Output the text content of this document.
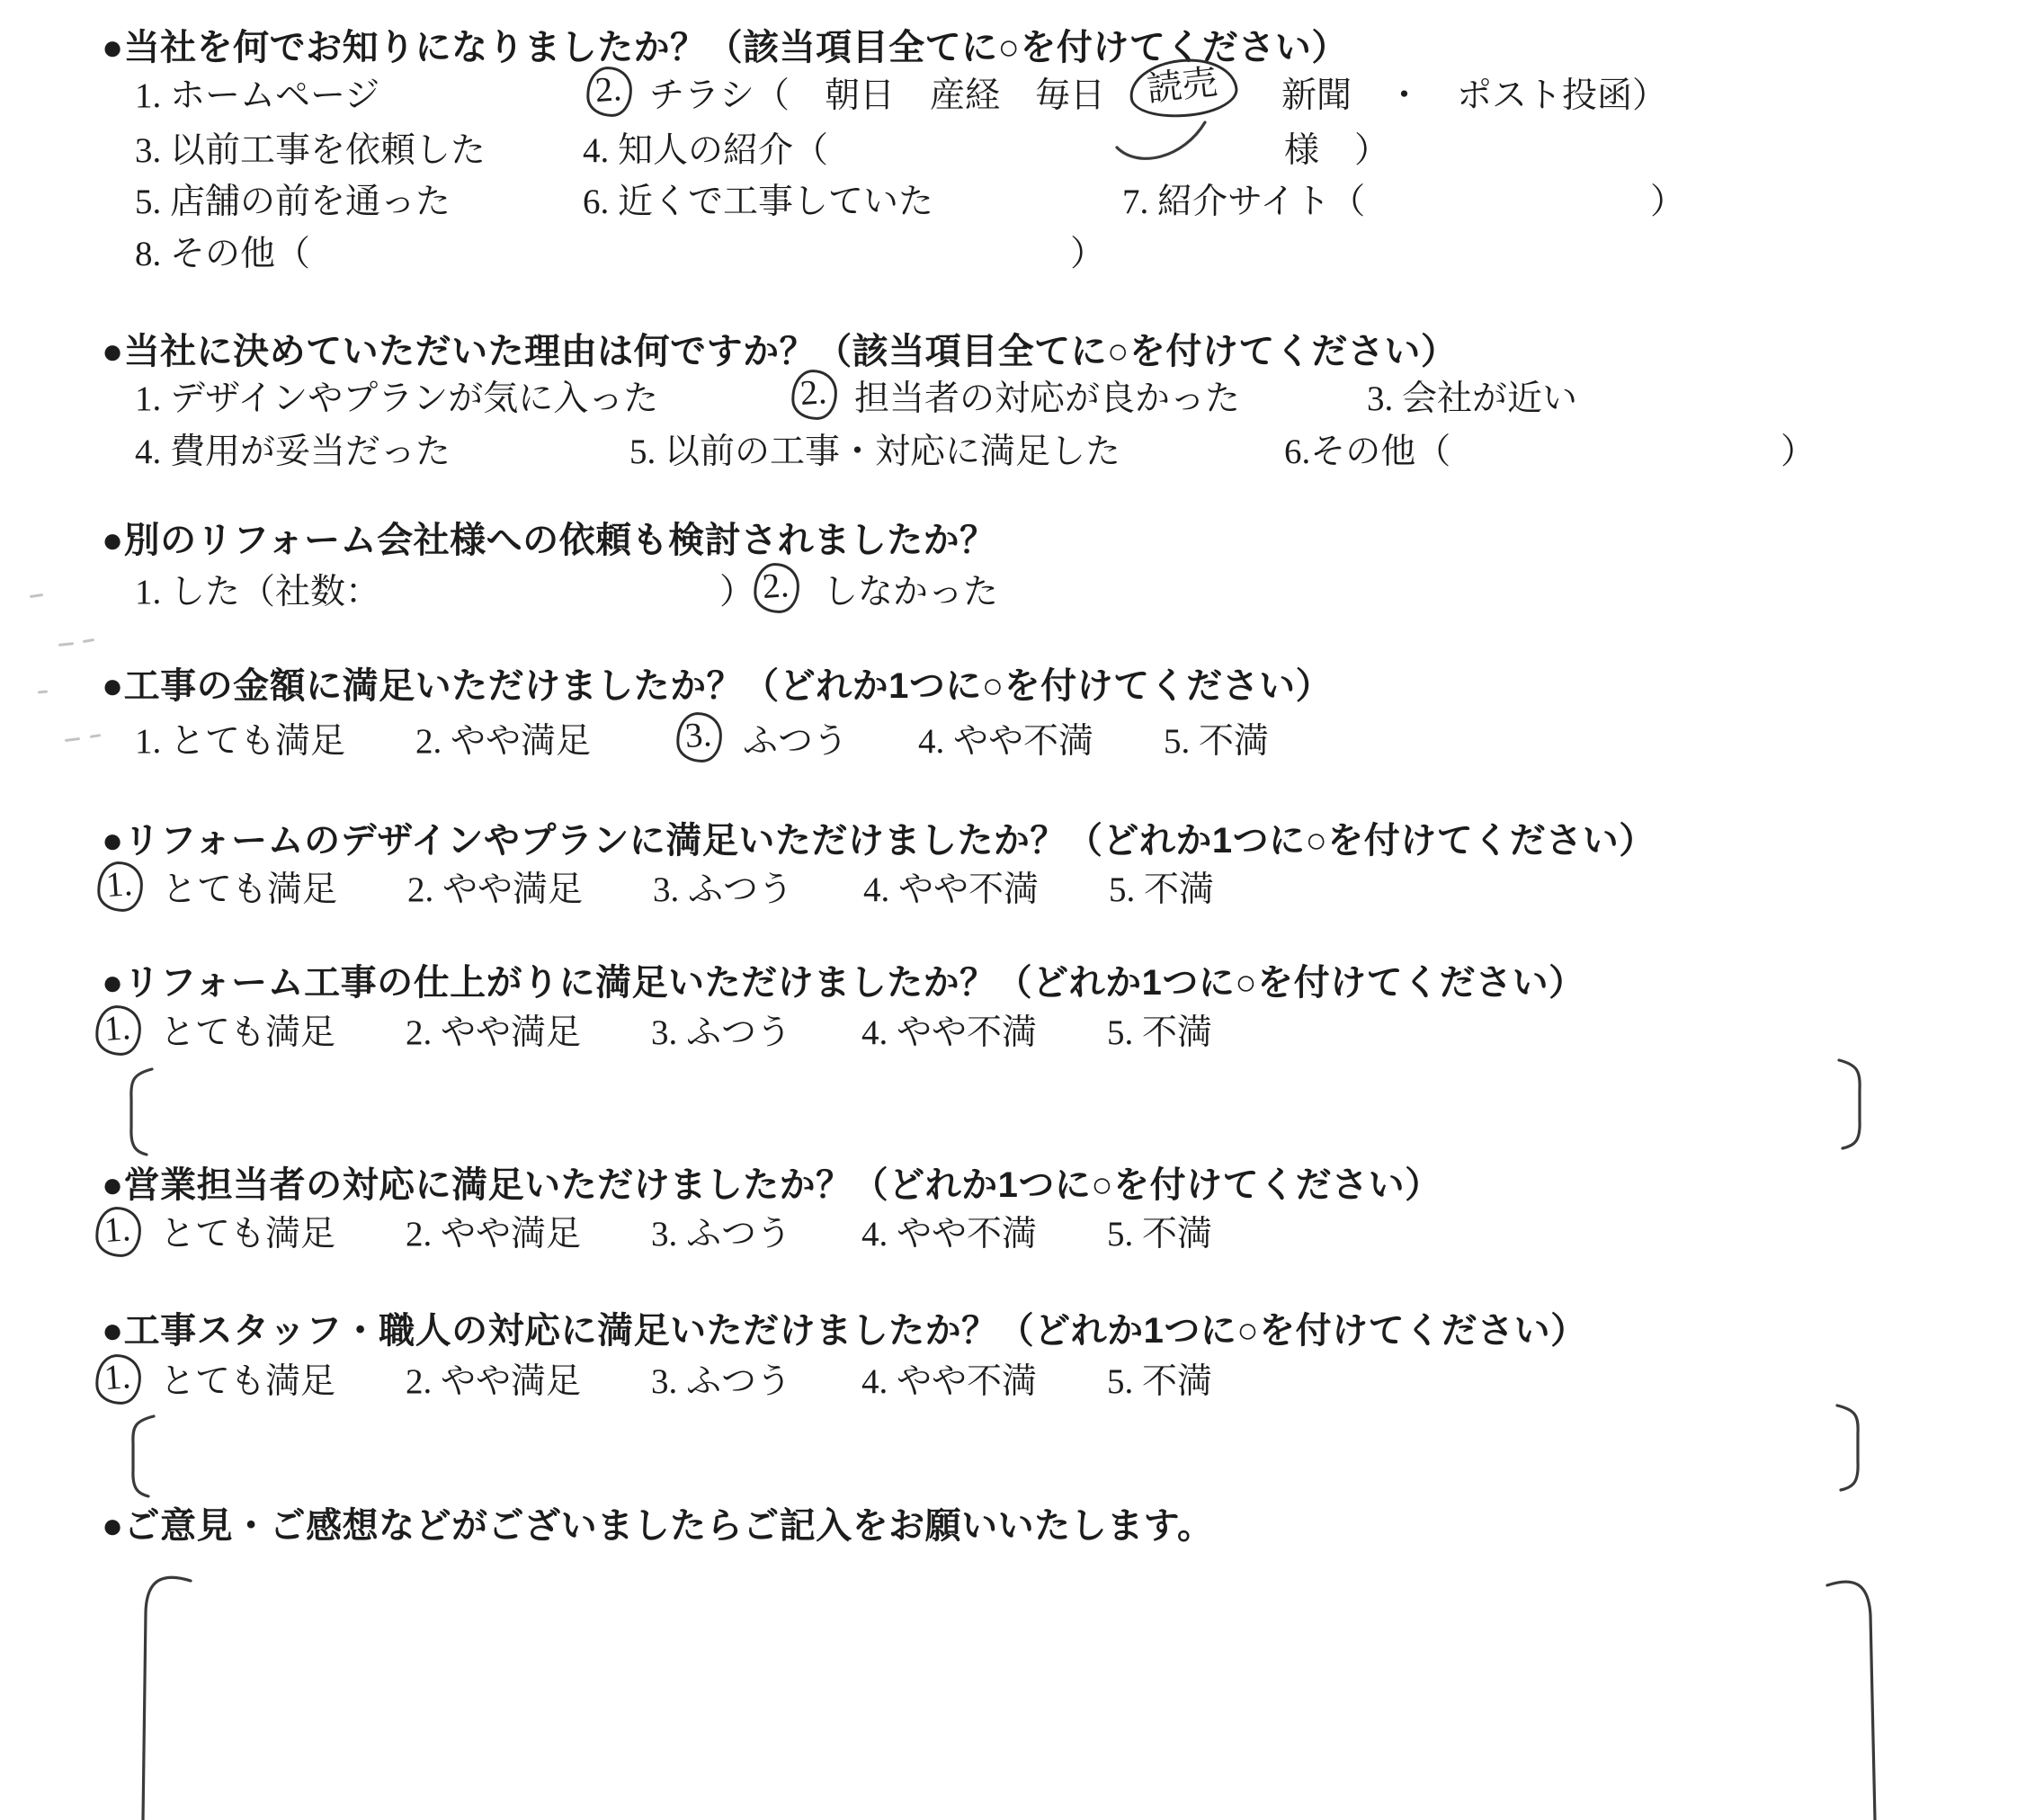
●当社を何でお知りになりましたか？（該当項目全てに○を付けてください）
1. ホームページ	2. チラシ（　朝日　産経　毎日	読売	新聞　・　ポスト投函）
3. 以前工事を依頼した	4. 知人の紹介（	様　）
5. 店舗の前を通った	6. 近くで工事していた	7. 紹介サイト（	）
8. その他（	）
●当社に決めていただいた理由は何ですか？（該当項目全てに○を付けてください）
1. デザインやプランが気に入った	2. 担当者の対応が良かった	3. 会社が近い
4. 費用が妥当だった	5. 以前の工事・対応に満足した	6.その他（	）
●別のリフォーム会社様への依頼も検討されましたか？
1. した（社数：	） 2. しなかった
●工事の金額に満足いただけましたか？（どれか1つに○を付けてください）
1. とても満足　　2. やや満足	3. ふつう　　4. やや不満　　5. 不満
●リフォームのデザインやプランに満足いただけましたか？（どれか1つに○を付けてください）
1. とても満足　　2. やや満足　　3. ふつう　　4. やや不満　　5. 不満
●リフォーム工事の仕上がりに満足いただけましたか？（どれか1つに○を付けてください）
1. とても満足　　2. やや満足　　3. ふつう　　4. やや不満　　5. 不満
●営業担当者の対応に満足いただけましたか？（どれか1つに○を付けてください）
1. とても満足　　2. やや満足　　3. ふつう　　4. やや不満　　5. 不満
●工事スタッフ・職人の対応に満足いただけましたか？（どれか1つに○を付けてください）
1. とても満足　　2. やや満足　　3. ふつう　　4. やや不満　　5. 不満
●ご意見・ご感想などがございましたらご記入をお願いいたします。
